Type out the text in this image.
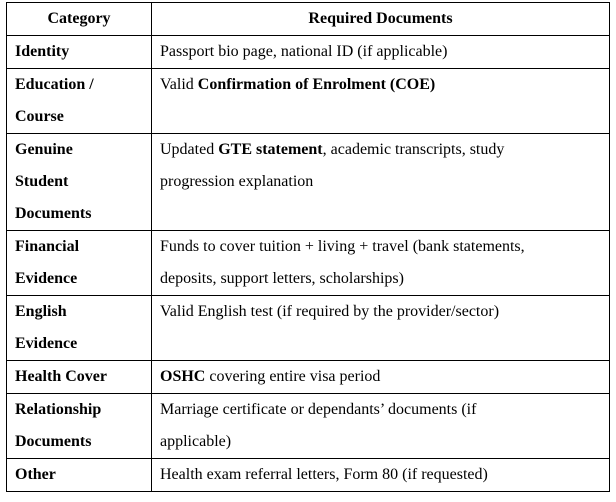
Category	Required Documents

Identity	Passport bio page, national ID (if applicable)

Education /
Course	Valid Confirmation of Enrolment (COE)

Genuine
Student
Documents	Updated GTE statement, academic transcripts, study
progression explanation

Financial
Evidence	Funds to cover tuition + living + travel (bank statements,
deposits, support letters, scholarships)

English
Evidence	Valid English test (if required by the provider/sector)

Health Cover	OSHC covering entire visa period

Relationship
Documents	Marriage certificate or dependants’ documents (if
applicable)

Other	Health exam referral letters, Form 80 (if requested)
